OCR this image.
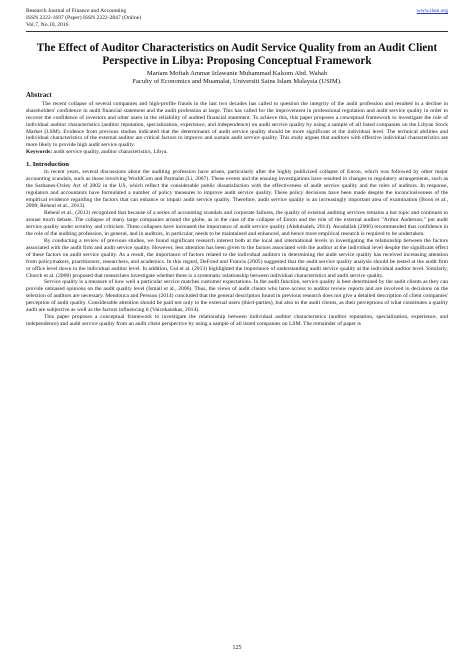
Research Journal of Finance and Accounting
ISSN 2222-1697 (Paper) ISSN 2222-2847 (Online)
Vol.7, No.10, 2016
www.iiste.org
The Effect of Auditor Characteristics on Audit Service Quality from an Audit Client Perspective in Libya: Proposing Conceptual Framework
Mariam Moftah Ammar Izlawanie Muhammad Kalsom Abd. Wahab
Faculty of Economics and Muamalat, Universiti Sains Islam Malaysia (USIM).
Abstract
The recent collapse of several companies and high-profile frauds in the last two decades has called to question the integrity of the audit profession and resulted in a decline in shareholders' confidence in audit financial statement and the audit profession at large. This has called for the improvement in professional regulation and audit service quality in order to recover the confidence of investors and other users in the reliability of audited financial statement. To achieve this, this paper proposes a conceptual framework to investigate the role of individual auditor characteristics (auditor reputation, specialization, experience, and independence) on audit service quality by using a sample of all listed companies on the Libyan Stock Market (LSM). Evidence from previous studies indicated that the determinants of audit service quality should be more significant at the individual level. The technical abilities and individual characteristics of the external auditor are critical factors to improve and sustain audit service quality. This study argues that auditors with effective individual characteristics are more likely to provide high audit service quality.
Keywords: audit service quality, auditor characteristics, Libya.
1. Introduction

In recent years, several discussions about the auditing profession have arisen, particularly after the highly publicized collapse of Enron, which was followed by other major accounting scandals, such as those involving WorldCom and Parmalat (Li, 2007). These events and the ensuing investigations have resulted in changes to regulatory arrangements, such as the Sarbanes-Oxley Act of 2002 in the US, which reflect the considerable public dissatisfaction with the effectiveness of audit service quality and the roles of auditors. In response, regulators and accountants have formulated a number of policy measures to improve audit service quality. These policy decisions have been made despite the inconclusiveness of the empirical evidence regarding the factors that can enhance or impair audit service quality. Therefore, audit service quality is an increasingly important area of examination (Boon et al., 2008; Reheul et al., 2013).

Reheul et al., (2013) recognized that because of a series of accounting scandals and corporate failures, the quality of external auditing services remains a hot topic and continues to arouse much debate. The collapse of many large companies around the globe, as in the case of the collapse of Enron and the role of the external auditor "Arthur Anderson," put audit service quality under scrutiny and criticism. These collapses have increased the importance of audit service quality (Abdulsaleh, 2014). Awadallah (2006) recommended that confidence in the role of the auditing profession, in general, and in auditors, in particular, needs to be maintained and enhanced, and hence more empirical research is required to be undertaken.

By conducting a review of previous studies, we found significant research interest both at the local and international levels in investigating the relationship between the factors associated with the audit firm and audit service quality. However, less attention has been given to the factors associated with the auditor at the individual level despite the significant effect of these factors on audit service quality. As a result, the importance of factors related to the individual auditors in determining the audit service quality has received increasing attention from policymakers, practitioners, researchers, and academics. In this regard, DeFond and Francis (2005) suggested that the audit service quality analysis should be tested at the audit firm or office level down to the individual auditor level. In addition, Gul et al. (2013) highlighted the importance of understanding audit service quality at the individual auditor level. Similarly, Church et al. (2008) proposed that researchers investigate whether there is a systematic relationship between individual characteristics and audit service quality.

Service quality is a measure of how well a particular service matches customer expectations. In the audit function, service quality is best determined by the audit clients as they can provide unbiased opinions on the audit quality level (Ismail et al., 2006). Thus, the views of audit clients who have access to auditor review reports and are involved in decisions on the selection of auditors are necessary. Mendonca and Persson (2014) concluded that the general description found in previous research does not give a detailed description of client companies' perception of audit quality. Considerable attention should be paid not only to the external users (third-parties), but also to the audit clients, as their perceptions of what constitutes a quality audit are subjective as well as the factors influencing it (Vaicekauskas, 2014).

This paper proposes a conceptual framework to investigate the relationship between individual auditor characteristics (auditor reputation, specialization, experience, and independence) and audit service quality from an audit client perspective by using a sample of all listed companies on LSM. The remainder of paper is

125
